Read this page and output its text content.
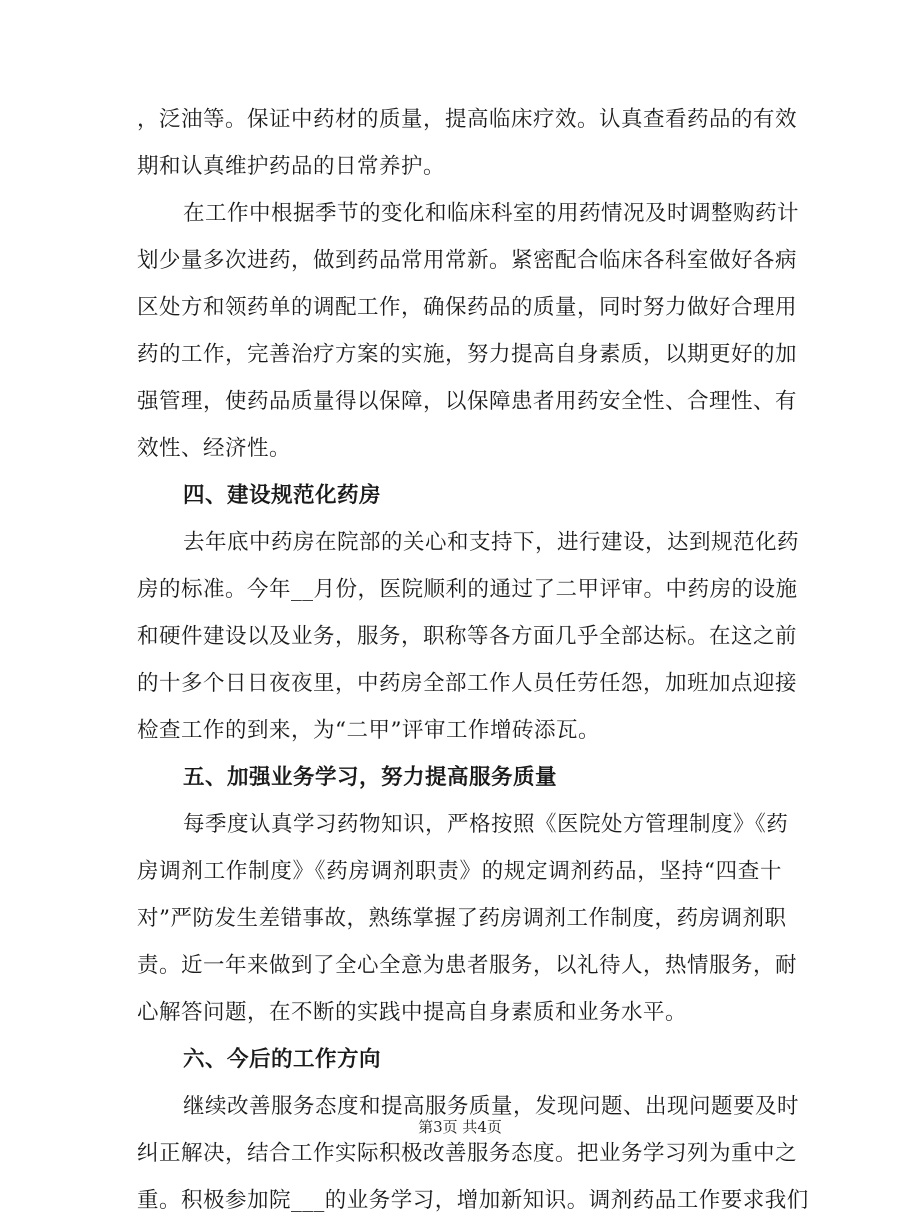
，泛油等。保证中药材的质量，提高临床疗效。认真查看药品的有效
期和认真维护药品的日常养护。
在工作中根据季节的变化和临床科室的用药情况及时调整购药计
划少量多次进药，做到药品常用常新。紧密配合临床各科室做好各病
区处方和领药单的调配工作，确保药品的质量，同时努力做好合理用
药的工作，完善治疗方案的实施，努力提高自身素质，以期更好的加
强管理，使药品质量得以保障，以保障患者用药安全性、合理性、有
效性、经济性。
四、建设规范化药房
去年底中药房在院部的关心和支持下，进行建设，达到规范化药
房的标准。今年__月份，医院顺利的通过了二甲评审。中药房的设施
和硬件建设以及业务，服务，职称等各方面几乎全部达标。在这之前
的十多个日日夜夜里，中药房全部工作人员任劳任怨，加班加点迎接
检查工作的到来，为“二甲”评审工作增砖添瓦。
五、加强业务学习，努力提高服务质量
每季度认真学习药物知识，严格按照《医院处方管理制度》《药
房调剂工作制度》《药房调剂职责》的规定调剂药品，坚持“四查十
对”严防发生差错事故，熟练掌握了药房调剂工作制度，药房调剂职
责。近一年来做到了全心全意为患者服务，以礼待人，热情服务，耐
心解答问题，在不断的实践中提高自身素质和业务水平。
六、今后的工作方向
继续改善服务态度和提高服务质量，发现问题、出现问题要及时
纠正解决，结合工作实际积极改善服务态度。把业务学习列为重中之
重。积极参加院___的业务学习，增加新知识。调剂药品工作要求我们
第3页 共4页
